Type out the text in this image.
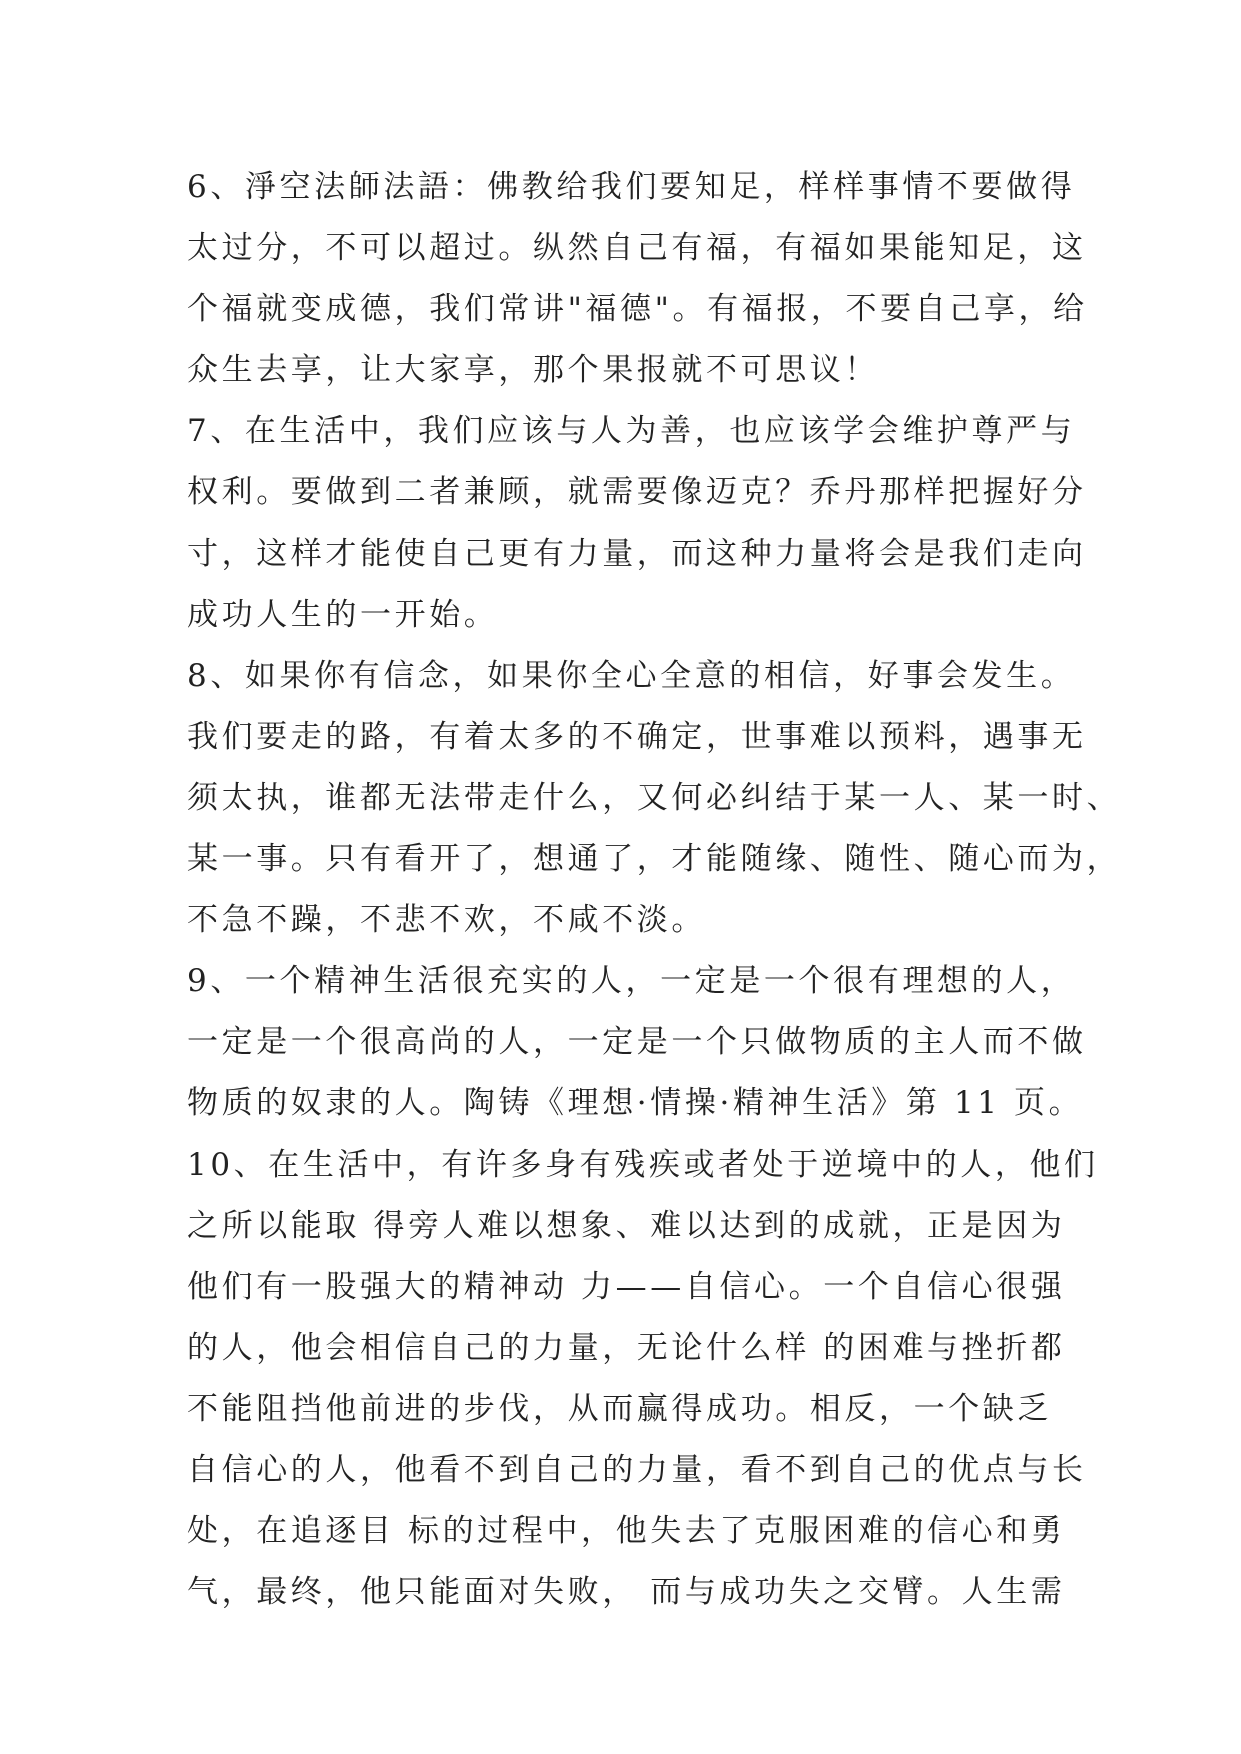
6、淨空法師法語：佛教给我们要知足，样样事情不要做得
太过分，不可以超过。纵然自己有福，有福如果能知足，这
个福就变成德，我们常讲"福德"。有福报，不要自己享，给
众生去享，让大家享，那个果报就不可思议！
7、在生活中，我们应该与人为善，也应该学会维护尊严与
权利。要做到二者兼顾，就需要像迈克？乔丹那样把握好分
寸，这样才能使自己更有力量，而这种力量将会是我们走向
成功人生的一开始。
8、如果你有信念，如果你全心全意的相信，好事会发生。
我们要走的路，有着太多的不确定，世事难以预料，遇事无
须太执，谁都无法带走什么，又何必纠结于某一人、某一时、
某一事。只有看开了，想通了，才能随缘、随性、随心而为，
不急不躁，不悲不欢，不咸不淡。
9、一个精神生活很充实的人，一定是一个很有理想的人，
一定是一个很高尚的人，一定是一个只做物质的主人而不做
物质的奴隶的人。陶铸《理想·情操·精神生活》第 11 页。
10、在生活中，有许多身有残疾或者处于逆境中的人，他们
之所以能取 得旁人难以想象、难以达到的成就，正是因为
他们有一股强大的精神动 力——自信心。一个自信心很强
的人，他会相信自己的力量，无论什么样 的困难与挫折都
不能阻挡他前进的步伐，从而赢得成功。相反，一个缺乏
自信心的人，他看不到自己的力量，看不到自己的优点与长
处，在追逐目 标的过程中，他失去了克服困难的信心和勇
气，最终，他只能面对失败， 而与成功失之交臂。人生需
